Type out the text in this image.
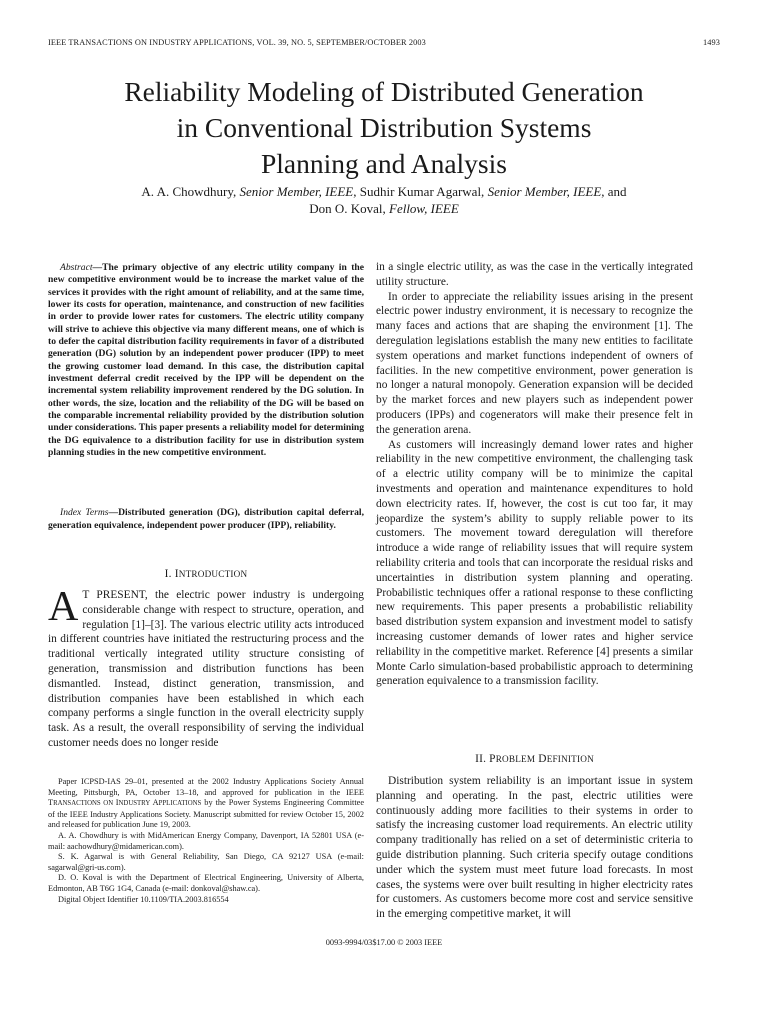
IEEE TRANSACTIONS ON INDUSTRY APPLICATIONS, VOL. 39, NO. 5, SEPTEMBER/OCTOBER 2003	1493
Reliability Modeling of Distributed Generation
in Conventional Distribution Systems
Planning and Analysis
A. A. Chowdhury, Senior Member, IEEE, Sudhir Kumar Agarwal, Senior Member, IEEE, and
Don O. Koval, Fellow, IEEE

Abstract—The primary objective of any electric utility company in the new competitive environment would be to increase the market value of the services it provides with the right amount of reliability, and at the same time, lower its costs for operation, maintenance, and construction of new facilities in order to provide lower rates for customers. The electric utility company will strive to achieve this objective via many different means, one of which is to defer the capital distribution facility requirements in favor of a distributed generation (DG) solution by an independent power producer (IPP) to meet the growing customer load demand. In this case, the distribution capital investment deferral credit received by the IPP will be dependent on the incremental system reliability improvement rendered by the DG solution. In other words, the size, location and the reliability of the DG will be based on the comparable incremental reliability provided by the distribution solution under considerations. This paper presents a reliability model for determining the DG equivalence to a distribution facility for use in distribution system planning studies in the new competitive environment.

Index Terms—Distributed generation (DG), distribution capital deferral, generation equivalence, independent power producer (IPP), reliability.
I. INTRODUCTION

A T PRESENT, the electric power industry is undergoing considerable change with respect to structure, operation, and regulation [1]–[3]. The various electric utility acts introduced in different countries have initiated the restructuring process and the traditional vertically integrated utility structure consisting of generation, transmission and distribution functions has been dismantled. Instead, distinct generation, transmission, and distribution companies have been established in which each company performs a single function in the overall electricity supply task. As a result, the overall responsibility of serving the individual customer needs does no longer reside

Paper ICPSD-IAS 29–01, presented at the 2002 Industry Applications Society Annual Meeting, Pittsburgh, PA, October 13–18, and approved for publication in the IEEE TRANSACTIONS ON INDUSTRY APPLICATIONS by the Power Systems Engineering Committee of the IEEE Industry Applications Society. Manuscript submitted for review October 15, 2002 and released for publication June 19, 2003.

A. A. Chowdhury is with MidAmerican Energy Company, Davenport, IA 52801 USA (e-mail: aachowdhury@midamerican.com).

S. K. Agarwal is with General Reliability, San Diego, CA 92127 USA (e-mail: sagarwal@gri-us.com).

D. O. Koval is with the Department of Electrical Engineering, University of Alberta, Edmonton, AB T6G 1G4, Canada (e-mail: donkoval@shaw.ca).

Digital Object Identifier 10.1109/TIA.2003.816554

in a single electric utility, as was the case in the vertically integrated utility structure.

In order to appreciate the reliability issues arising in the present electric power industry environment, it is necessary to recognize the many faces and actions that are shaping the environment [1]. The deregulation legislations establish the many new entities to facilitate system operations and market functions independent of owners of facilities. In the new competitive environment, power generation is no longer a natural monopoly. Generation expansion will be decided by the market forces and new players such as independent power producers (IPPs) and cogenerators will make their presence felt in the generation arena.

As customers will increasingly demand lower rates and higher reliability in the new competitive environment, the challenging task of a electric utility company will be to minimize the capital investments and operation and maintenance expenditures to hold down electricity rates. If, however, the cost is cut too far, it may jeopardize the system’s ability to supply reliable power to its customers. The movement toward deregulation will therefore introduce a wide range of reliability issues that will require system reliability criteria and tools that can incorporate the residual risks and uncertainties in distribution system planning and operating. Probabilistic techniques offer a rational response to these conflicting new requirements. This paper presents a probabilistic reliability based distribution system expansion and investment model to satisfy increasing customer demands of lower rates and higher service reliability in the competitive market. Reference [4] presents a similar Monte Carlo simulation-based probabilistic approach to determining generation equivalence to a transmission facility.

II. PROBLEM DEFINITION

Distribution system reliability is an important issue in system planning and operating. In the past, electric utilities were continuously adding more facilities to their systems in order to satisfy the increasing customer load requirements. An electric utility company traditionally has relied on a set of deterministic criteria to guide distribution planning. Such criteria specify outage conditions under which the system must meet future load forecasts. In most cases, the systems were over built resulting in higher electricity rates for customers. As customers become more cost and service sensitive in the emerging competitive market, it will

0093-9994/03$17.00 © 2003 IEEE
